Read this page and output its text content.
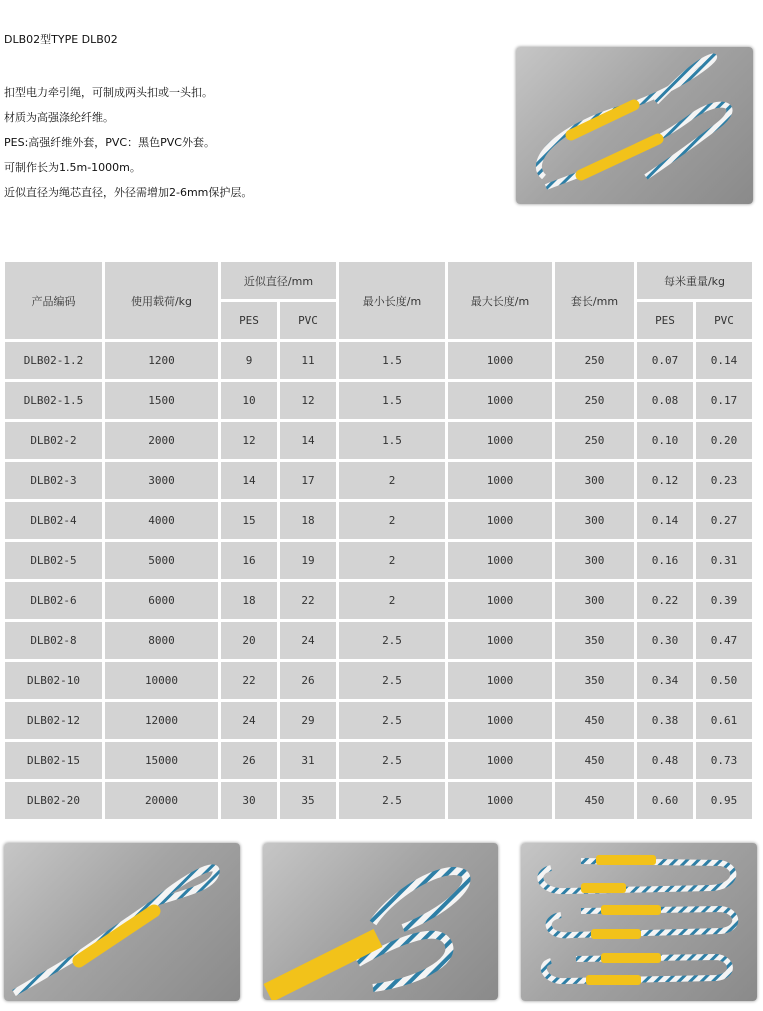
DLB02型TYPE DLB02
扣型电力牵引绳，可制成两头扣或一头扣。
材质为高强涤纶纤维。
PES:高强纤维外套，PVC：黑色PVC外套。
可制作长为1.5m-1000m。
近似直径为绳芯直径，外径需增加2-6mm保护层。
产品编码	使用载荷/kg	近似直径/mm		最小长度/m	最大长度/m	套长/mm	每米重量/kg	
		PES	PVC				PES	PVC
DLB02-1.2	1200	9	11	1.5	1000	250	0.07	0.14
DLB02-1.5	1500	10	12	1.5	1000	250	0.08	0.17
DLB02-2	2000	12	14	1.5	1000	250	0.10	0.20
DLB02-3	3000	14	17	2	1000	300	0.12	0.23
DLB02-4	4000	15	18	2	1000	300	0.14	0.27
DLB02-5	5000	16	19	2	1000	300	0.16	0.31
DLB02-6	6000	18	22	2	1000	300	0.22	0.39
DLB02-8	8000	20	24	2.5	1000	350	0.30	0.47
DLB02-10	10000	22	26	2.5	1000	350	0.34	0.50
DLB02-12	12000	24	29	2.5	1000	450	0.38	0.61
DLB02-15	15000	26	31	2.5	1000	450	0.48	0.73
DLB02-20	20000	30	35	2.5	1000	450	0.60	0.95
